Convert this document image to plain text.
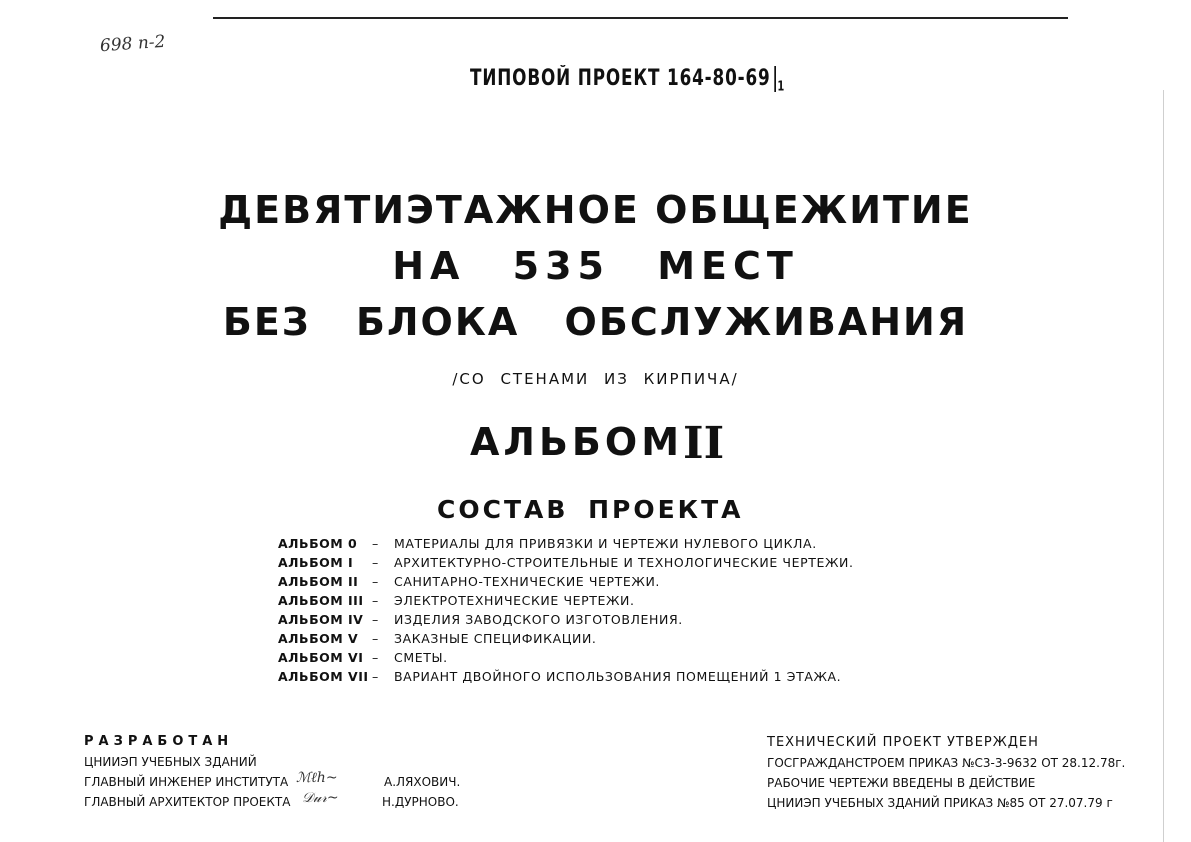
698 п-2
ТИПОВОЙ ПРОЕКТ 164-80-69 $_1$
ДЕВЯТИЭТАЖНОЕ ОБЩЕЖИТИЕ
НА 535 МЕСТ
БЕЗ БЛОКА ОБСЛУЖИВАНИЯ
/СО СТЕНАМИ ИЗ КИРПИЧА/
АЛЬБОМ II
СОСТАВ ПРОЕКТА
АЛЬБОМ 0	– МАТЕРИАЛЫ ДЛЯ ПРИВЯЗКИ И ЧЕРТЕЖИ НУЛЕВОГО ЦИКЛА.
АЛЬБОМ I	– АРХИТЕКТУРНО-СТРОИТЕЛЬНЫЕ И ТЕХНОЛОГИЧЕСКИЕ ЧЕРТЕЖИ.
АЛЬБОМ II	– САНИТАРНО-ТЕХНИЧЕСКИЕ ЧЕРТЕЖИ.
АЛЬБОМ III – ЭЛЕКТРОТЕХНИЧЕСКИЕ ЧЕРТЕЖИ.
АЛЬБОМ IV – ИЗДЕЛИЯ ЗАВОДСКОГО ИЗГОТОВЛЕНИЯ.
АЛЬБОМ V	– ЗАКАЗНЫЕ СПЕЦИФИКАЦИИ.
АЛЬБОМ VI – СМЕТЫ.
АЛЬБОМ VII – ВАРИАНТ ДВОЙНОГО ИСПОЛЬЗОВАНИЯ ПОМЕЩЕНИЙ 1 ЭТАЖА.
РАЗРАБОТАН
ЦНИИЭП УЧЕБНЫХ ЗДАНИЙ
ГЛАВНЫЙ ИНЖЕНЕР ИНСТИТУТА ℳℓℎ~	А.ЛЯХОВИЧ.
ГЛАВНЫЙ АРХИТЕКТОР ПРОЕКТА 𝒟𝓊𝓇~	Н.ДУРНОВО.
ТЕХНИЧЕСКИЙ ПРОЕКТ УТВЕРЖДЕН
ГОСГРАЖДАНСТРОЕМ ПРИКАЗ №С3-3-9632 ОТ 28.12.78г.
РАБОЧИЕ ЧЕРТЕЖИ ВВЕДЕНЫ В ДЕЙСТВИЕ
ЦНИИЭП УЧЕБНЫХ ЗДАНИЙ ПРИКАЗ №85 ОТ 27.07.79 г
